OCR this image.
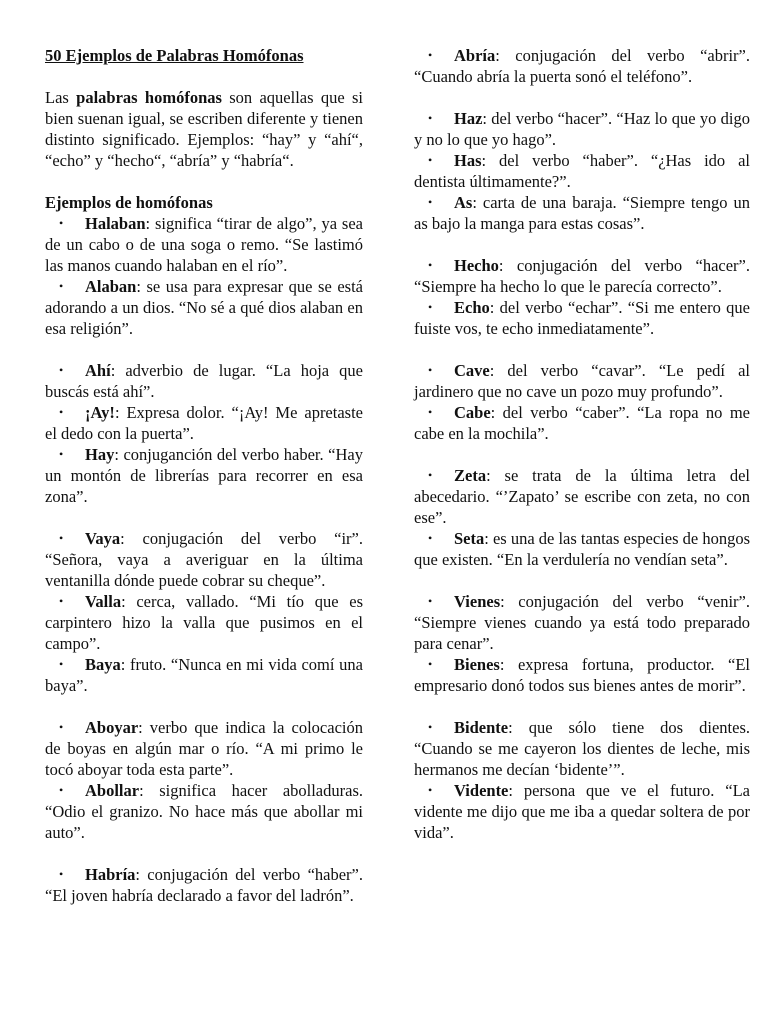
50 Ejemplos de Palabras Homófonas

Las palabras homófonas son aquellas que si bien suenan igual, se escriben diferente y tienen distinto significado. Ejemplos: “hay” y “ahí“, “echo” y “hecho“, “abría” y “habría“.

Ejemplos de homófonas

• Halaban: significa “tirar de algo”, ya sea de un cabo o de una soga o remo. “Se lastimó las manos cuando halaban en el río”.

• Alaban: se usa para expresar que se está adorando a un dios. “No sé a qué dios alaban en esa religión”.

• Ahí: adverbio de lugar. “La hoja que buscás está ahí”.

• ¡Ay!: Expresa dolor. “¡Ay! Me apretaste el dedo con la puerta”.

• Hay: conjuganción del verbo haber. “Hay un montón de librerías para recorrer en esa zona”.

• Vaya: conjugación del verbo “ir”. “Señora, vaya a averiguar en la última ventanilla dónde puede cobrar su cheque”.

• Valla: cerca, vallado. “Mi tío que es carpintero hizo la valla que pusimos en el campo”.

• Baya: fruto. “Nunca en mi vida comí una baya”.

• Aboyar: verbo que indica la colocación de boyas en algún mar o río. “A mi primo le tocó aboyar toda esta parte”.

• Abollar: significa hacer abolladuras. “Odio el granizo. No hace más que abollar mi auto”.

• Habría: conjugación del verbo “haber”. “El joven habría declarado a favor del ladrón”.

• Abría: conjugación del verbo “abrir”. “Cuando abría la puerta sonó el teléfono”.

• Haz: del verbo “hacer”. “Haz lo que yo digo y no lo que yo hago”.

• Has: del verbo “haber”. “¿Has ido al dentista últimamente?”.

• As: carta de una baraja. “Siempre tengo un as bajo la manga para estas cosas”.

• Hecho: conjugación del verbo “hacer”. “Siempre ha hecho lo que le parecía correcto”.

• Echo: del verbo “echar”. “Si me entero que fuiste vos, te echo inmediatamente”.

• Cave: del verbo “cavar”. “Le pedí al jardinero que no cave un pozo muy profundo”.

• Cabe: del verbo “caber”. “La ropa no me cabe en la mochila”.

• Zeta: se trata de la última letra del abecedario. “’Zapato’ se escribe con zeta, no con ese”.

• Seta: es una de las tantas especies de hongos que existen. “En la verdulería no vendían seta”.

• Vienes: conjugación del verbo “venir”. “Siempre vienes cuando ya está todo preparado para cenar”.

• Bienes: expresa fortuna, productor. “El empresario donó todos sus bienes antes de morir”.

• Bidente: que sólo tiene dos dientes. “Cuando se me cayeron los dientes de leche, mis hermanos me decían ‘bidente’”.

• Vidente: persona que ve el futuro. “La vidente me dijo que me iba a quedar soltera de por vida”.
